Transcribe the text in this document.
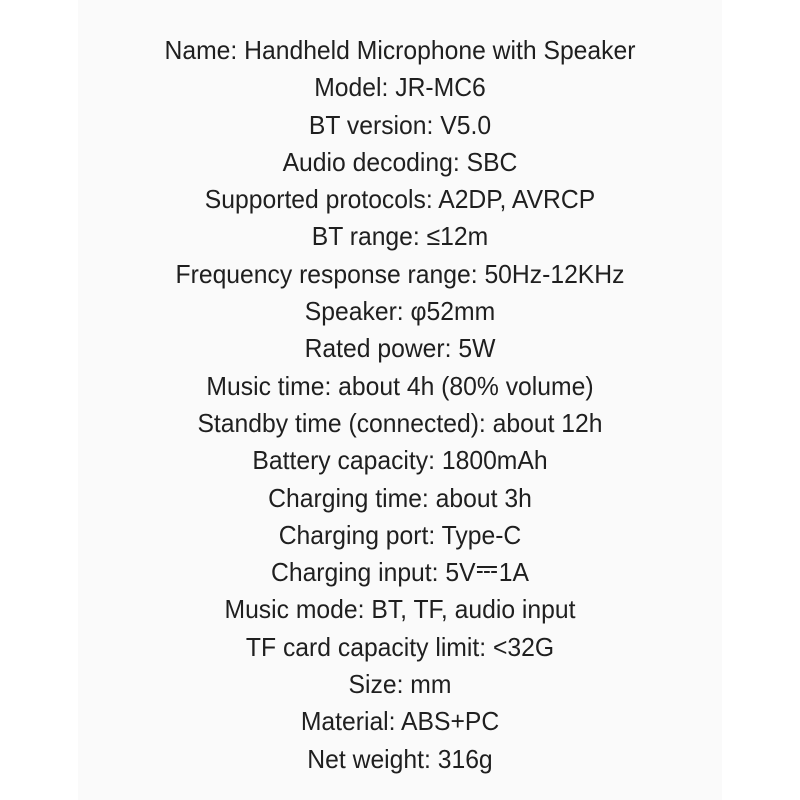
Name: Handheld Microphone with Speaker
Model: JR-MC6
BT version: V5.0
Audio decoding: SBC
Supported protocols: A2DP, AVRCP
BT range: ≤12m
Frequency response range: 50Hz-12KHz
Speaker: φ52mm
Rated power: 5W
Music time: about 4h (80% volume)
Standby time (connected): about 12h
Battery capacity: 1800mAh
Charging time: about 3h
Charging port: Type-C
Charging input: 5V 1A
Music mode: BT, TF, audio input
TF card capacity limit: <32G
Size: mm
Material: ABS+PC
Net weight: 316g
